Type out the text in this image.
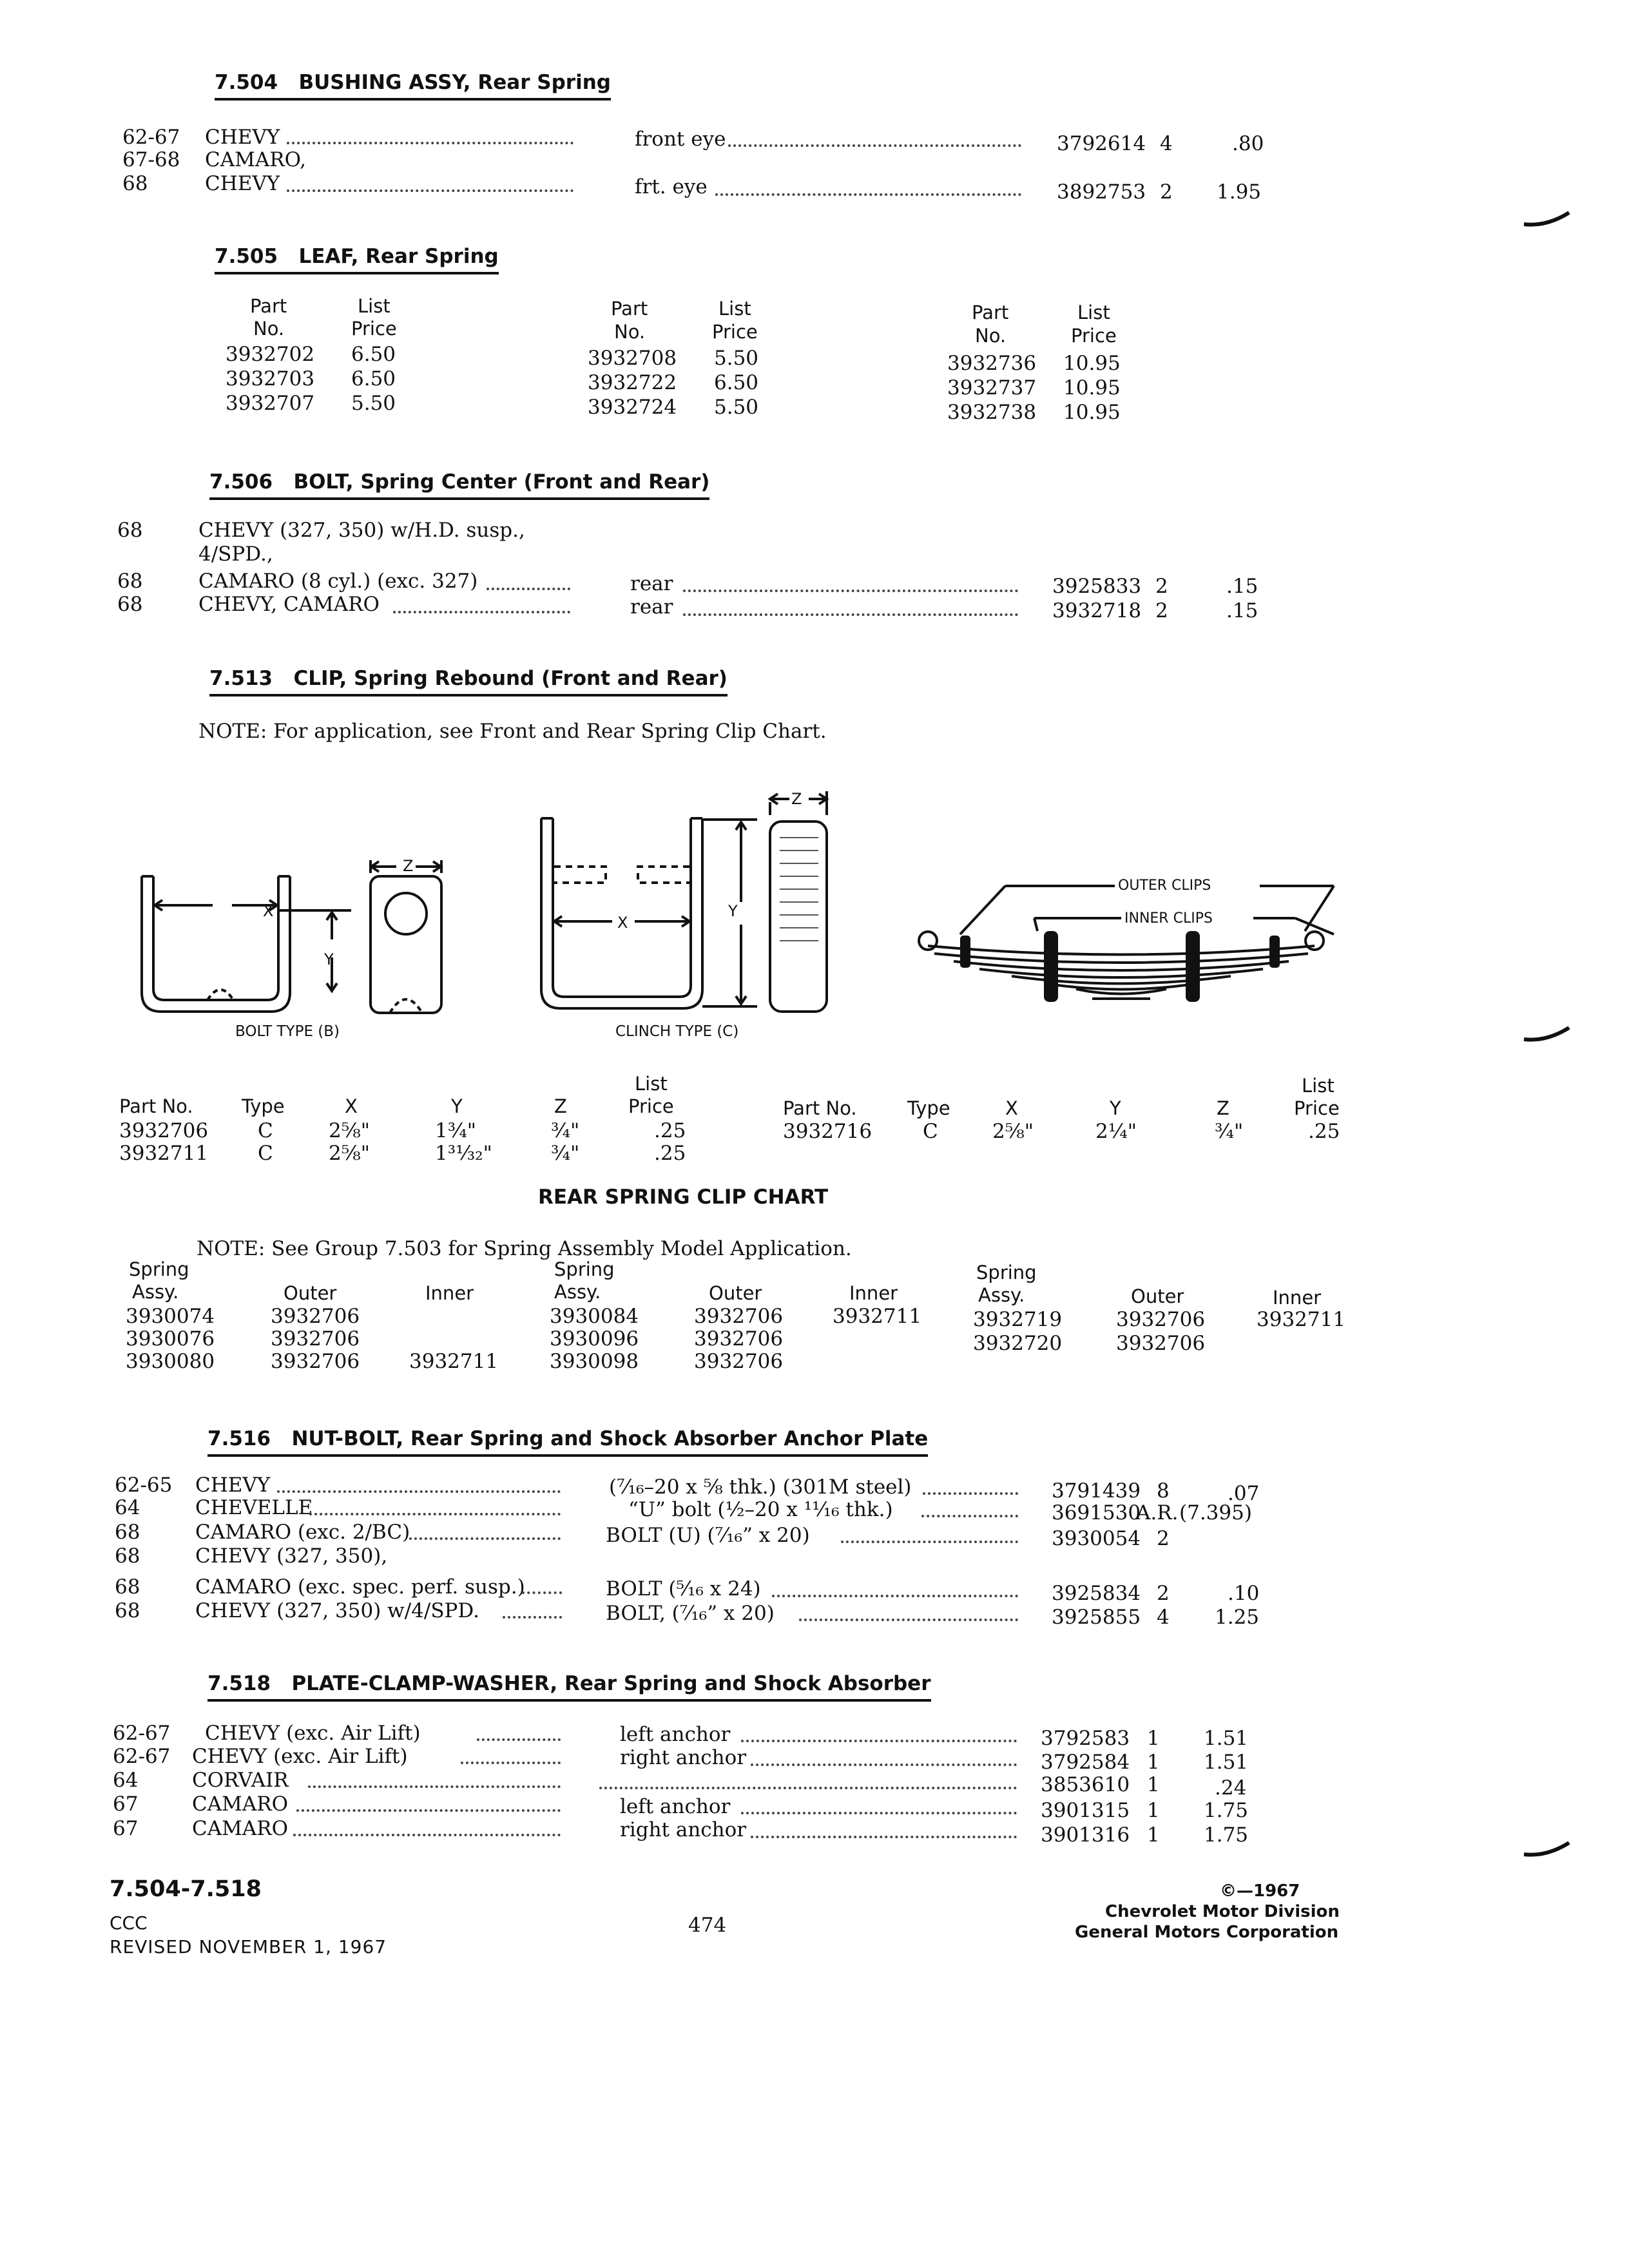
7.504 BUSHING ASSY, Rear Spring
62-67 CHEVY	front eye	3792614 4	.80
67-68 CAMARO,
68	CHEVY	frt. eye	3892753 2 1.95
7.505 LEAF, Rear Spring
Part
No.
List
Price
3932702 6.50
3932703 6.50
3932707 5.50
Part
No.
List
Price
3932708 5.50
3932722 6.50
3932724 5.50
Part
No.
List
Price
3932736 10.95
3932737 10.95
3932738 10.95
7.506 BOLT, Spring Center (Front and Rear)
68	CHEVY (327, 350) w/H.D. susp.,
4/SPD.,
68	CAMARO (8 cyl.) (exc. 327)	rear	3925833 2	.15
68	CHEVY, CAMARO	rear	3932718 2	.15
7.513 CLIP, Spring Rebound (Front and Rear)
NOTE: For application, see Front and Rear Spring Clip Chart.
X
Y
Z
BOLT TYPE (B)
X
Y
Z
CLINCH TYPE (C)
OUTER CLIPS
INNER CLIPS
List
Part No.	Type	X	Y	Z	Price
3932706 C	2⅝"	1¾"	¾"	.25
3932711 C	2⅝"	1³¹⁄₃₂"	¾"	.25
List
Part No.	Type	X	Y	Z	Price
3932716	C	2⅝"	2¼"	¾"	.25
REAR SPRING CLIP CHART
NOTE: See Group 7.503 for Spring Assembly Model Application.
Spring
Assy.	Outer	Inner
3930074	3932706
3930076	3932706
3930080	3932706 3932711
Spring
Assy.	Outer	Inner
3930084	3932706 3932711
3930096	3932706
3930098	3932706
Spring
Assy.	Outer	Inner
3932719	3932706	3932711
3932720	3932706
7.516 NUT-BOLT, Rear Spring and Shock Absorber Anchor Plate
62-65 CHEVY	(⁷⁄₁₆–20 x ⅝ thk.) (301M steel)	3791439 8	.07
64	CHEVELLE	“U” bolt (½–20 x ¹¹⁄₁₆ thk.)	3691530
A.R. (7.395)
68	CAMARO (exc. 2/BC)	BOLT (U) (⁷⁄₁₆” x 20)	3930054 2
68	CHEVY (327, 350),
68	CAMARO (exc. spec. perf. susp.)	BOLT (⁵⁄₁₆ x 24)	3925834 2	.10
68	CHEVY (327, 350) w/4/SPD.	BOLT, (⁷⁄₁₆” x 20)	3925855 4 1.25
7.518 PLATE-CLAMP-WASHER, Rear Spring and Shock Absorber
62-67 CHEVY (exc. Air Lift)	left anchor	3792583 1 1.51
62-67 CHEVY (exc. Air Lift)	right anchor	3792584 1 1.51
64	CORVAIR	3853610 1	.24
67	CAMARO	left anchor	3901315 1 1.75
67	CAMARO	right anchor	3901316 1 1.75
7.504-7.518
CCC
REVISED NOVEMBER 1, 1967
474
©—1967
Chevrolet Motor Division
General Motors Corporation
